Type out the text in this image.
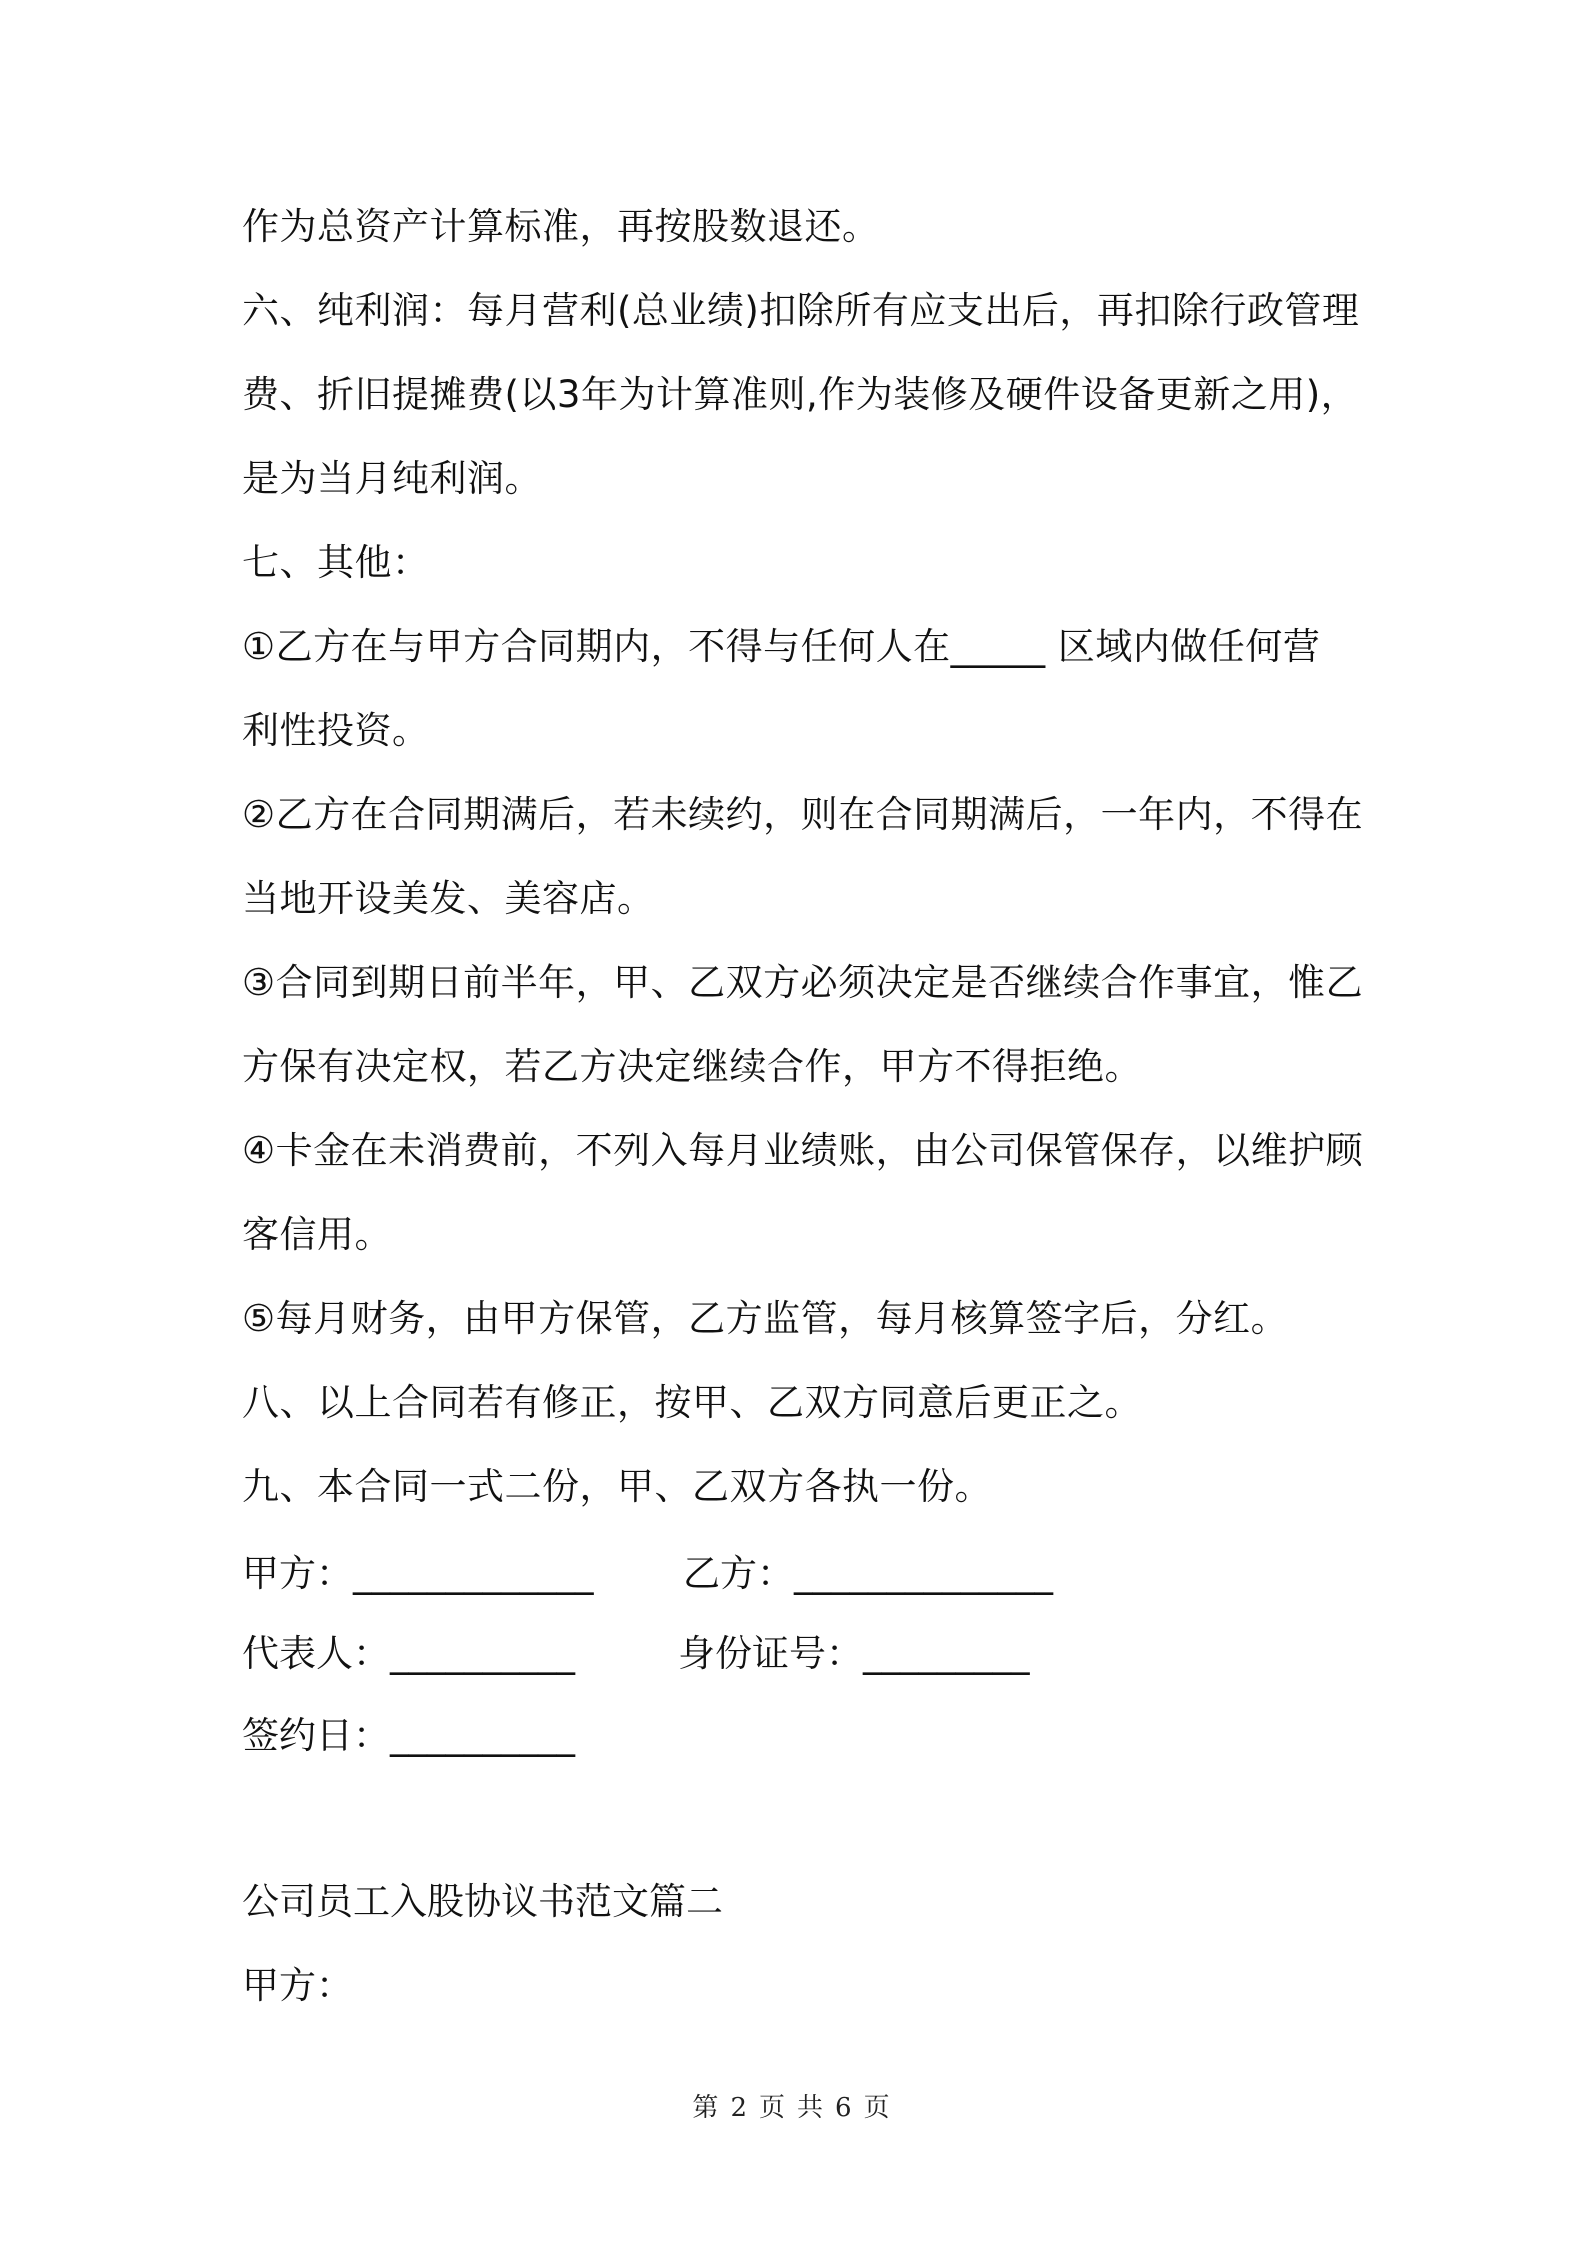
作为总资产计算标准，再按股数退还。
六、纯利润：每月营利(总业绩)扣除所有应支出后，再扣除行政管理
费、折旧提摊费(以3年为计算准则,作为装修及硬件设备更新之用)，
是为当月纯利润。
七、其他：
①乙方在与甲方合同期内，不得与任何人在_____ 区域内做任何营
利性投资。
②乙方在合同期满后，若未续约，则在合同期满后，一年内，不得在
当地开设美发、美容店。
③合同到期日前半年，甲、乙双方必须决定是否继续合作事宜，惟乙
方保有决定权，若乙方决定继续合作，甲方不得拒绝。
④卡金在未消费前，不列入每月业绩账，由公司保管保存，以维护顾
客信用。
⑤每月财务，由甲方保管，乙方监管，每月核算签字后，分红。
八、以上合同若有修正，按甲、乙双方同意后更正之。
九、本合同一式二份，甲、乙双方各执一份。
甲方：_____________ 乙方：______________
代表人：__________	身份证号：_________
签约日：__________
公司员工入股协议书范文篇二
甲方：
第 2 页 共 6 页
